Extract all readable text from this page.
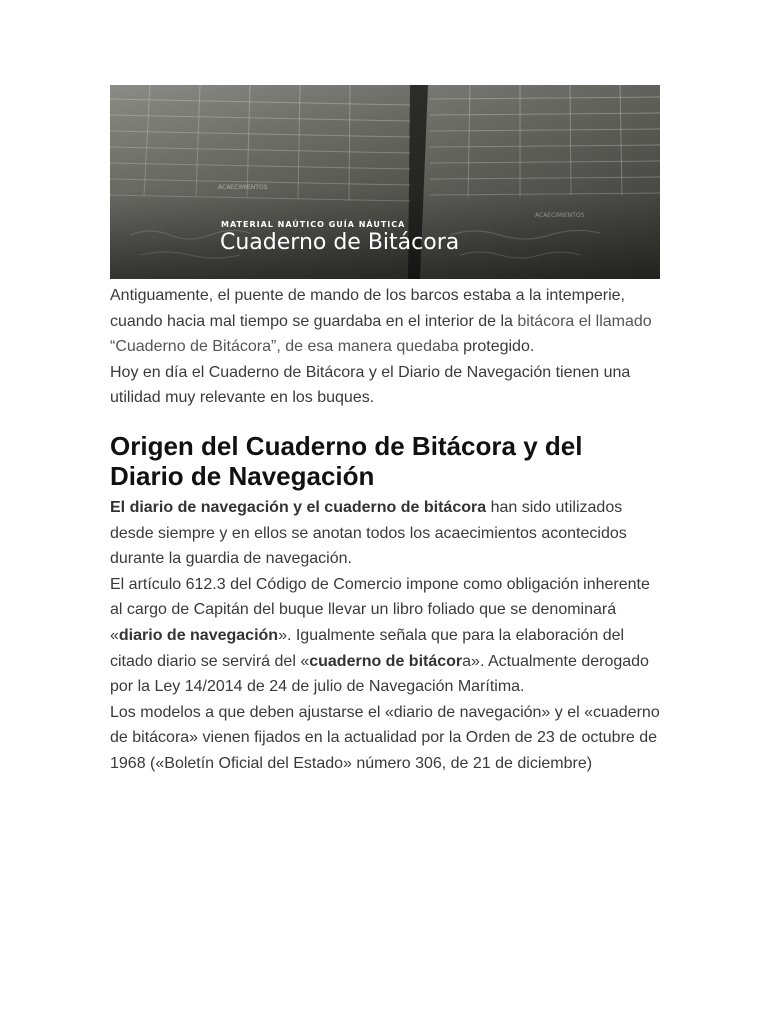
MATERIAL NAÚTICO GUÍA NÁUTICA
Cuaderno de Bitácora

Antiguamente, el puente de mando de los barcos estaba a la intemperie, cuando hacia mal tiempo se guardaba en el interior de la bitácora el llamado “Cuaderno de Bitácora”, de esa manera quedaba protegido.

Hoy en día el Cuaderno de Bitácora y el Diario de Navegación tienen una utilidad muy relevante en los buques.

Origen del Cuaderno de Bitácora y del Diario de Navegación

El diario de navegación y el cuaderno de bitácora han sido utilizados desde siempre y en ellos se anotan todos los acaecimientos acontecidos durante la guardia de navegación.

El artículo 612.3 del Código de Comercio impone como obligación inherente al cargo de Capitán del buque llevar un libro foliado que se denominará «diario de navegación». Igualmente señala que para la elaboración del citado diario se servirá del «cuaderno de bitácora». Actualmente derogado por la Ley 14/2014 de 24 de julio de Navegación Marítima.

Los modelos a que deben ajustarse el «diario de navegación» y el «cuaderno de bitácora» vienen fijados en la actualidad por la Orden de 23 de octubre de 1968 («Boletín Oficial del Estado» número 306, de 21 de diciembre)
